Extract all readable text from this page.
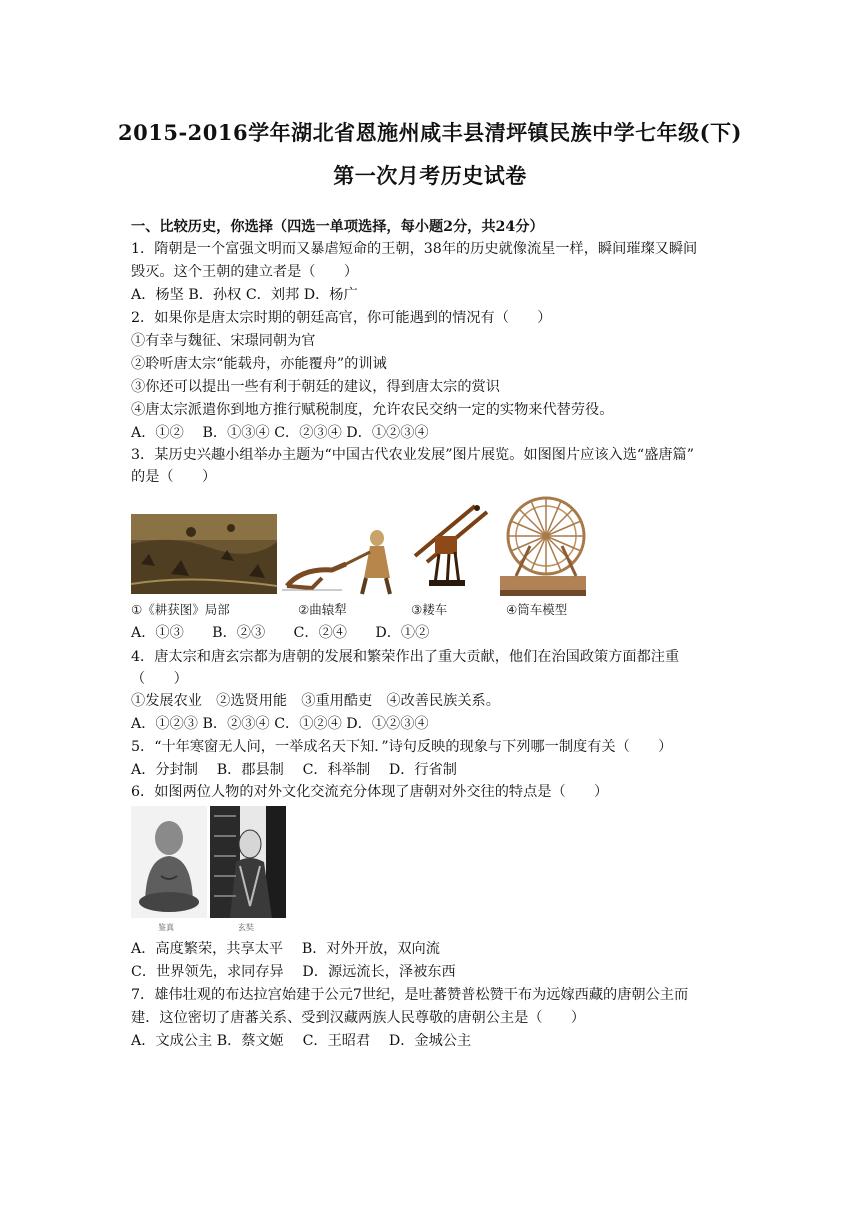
2015-2016学年湖北省恩施州咸丰县清坪镇民族中学七年级(下)
第一次月考历史试卷
一、比较历史，你选择（四选一单项选择，每小题2分，共24分）
1．隋朝是一个富强文明而又暴虐短命的王朝，38年的历史就像流星一样，瞬间璀璨又瞬间
毁灭。这个王朝的建立者是（　　）
A．杨坚 B．孙权 C．刘邦 D．杨广
2．如果你是唐太宗时期的朝廷高官，你可能遇到的情况有（　　）
①有幸与魏征、宋璟同朝为官
②聆听唐太宗“能载舟，亦能覆舟”的训诫
③你还可以提出一些有利于朝廷的建议，得到唐太宗的赏识
④唐太宗派遣你到地方推行赋税制度，允许农民交纳一定的实物来代替劳役。
A．①②　 B．①③④ C．②③④ D．①②③④
3．某历史兴趣小组举办主题为“中国古代农业发展”图片展览。如图图片应该入选“盛唐篇”
的是（　　）
①《耕获图》局部	②曲辕犁	③耧车	④筒车模型
A．①③　　B．②③　　C．②④　　D．①②
4．唐太宗和唐玄宗都为唐朝的发展和繁荣作出了重大贡献，他们在治国政策方面都注重
（　　）
①发展农业　②选贤用能　③重用酷吏　④改善民族关系。
A．①②③ B．②③④ C．①②④ D．①②③④
5．“十年寒窗无人问，一举成名天下知．”诗句反映的现象与下列哪一制度有关（　　）
A．分封制　 B．郡县制　 C．科举制　 D．行省制
6．如图两位人物的对外文化交流充分体现了唐朝对外交往的特点是（　　）
鉴真	玄奘
A．高度繁荣，共享太平　 B．对外开放，双向流
C．世界领先，求同存异　 D．源远流长，泽被东西
7．雄伟壮观的布达拉宫始建于公元7世纪，是吐蕃赞普松赞干布为远嫁西藏的唐朝公主而
建．这位密切了唐蕃关系、受到汉藏两族人民尊敬的唐朝公主是（　　）
A．文成公主 B．蔡文姬　 C．王昭君　 D．金城公主
